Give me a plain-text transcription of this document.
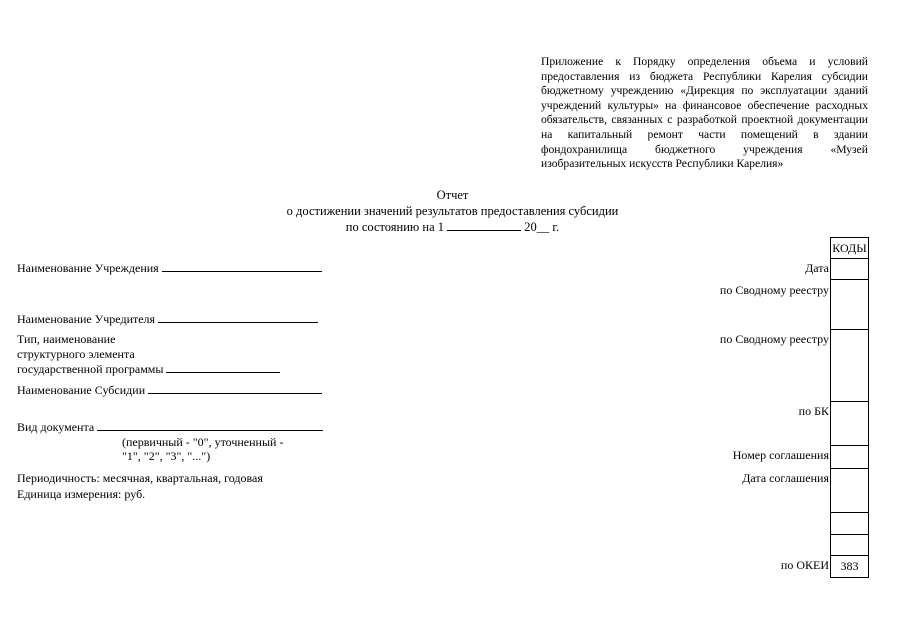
Приложение к Порядку определения объема и условий предоставления из бюджета Республики Карелия субсидии бюджетному учреждению «Дирекция по эксплуатации зданий учреждений культуры» на финансовое обеспечение расходных обязательств, связанных с разработкой проектной документации на капитальный ремонт части помещений в здании фондохранилища бюджетного учреждения «Музей изобразительных искусств Республики Карелия»
Отчет
о достижении значений результатов предоставления субсидии
по состоянию на 1	20__ г.
Наименование Учреждения
Наименование Учредителя
Тип, наименование
структурного элемента
государственной программы
Наименование Субсидии
Вид документа
(первичный - "0", уточненный -
"1", "2", "3", "...")
Периодичность: месячная, квартальная, годовая
Единица измерения: руб.
Дата
по Сводному реестру
по Сводному реестру
по БК
Номер соглашения
Дата соглашения
по ОКЕИ
КОДЫ
383
